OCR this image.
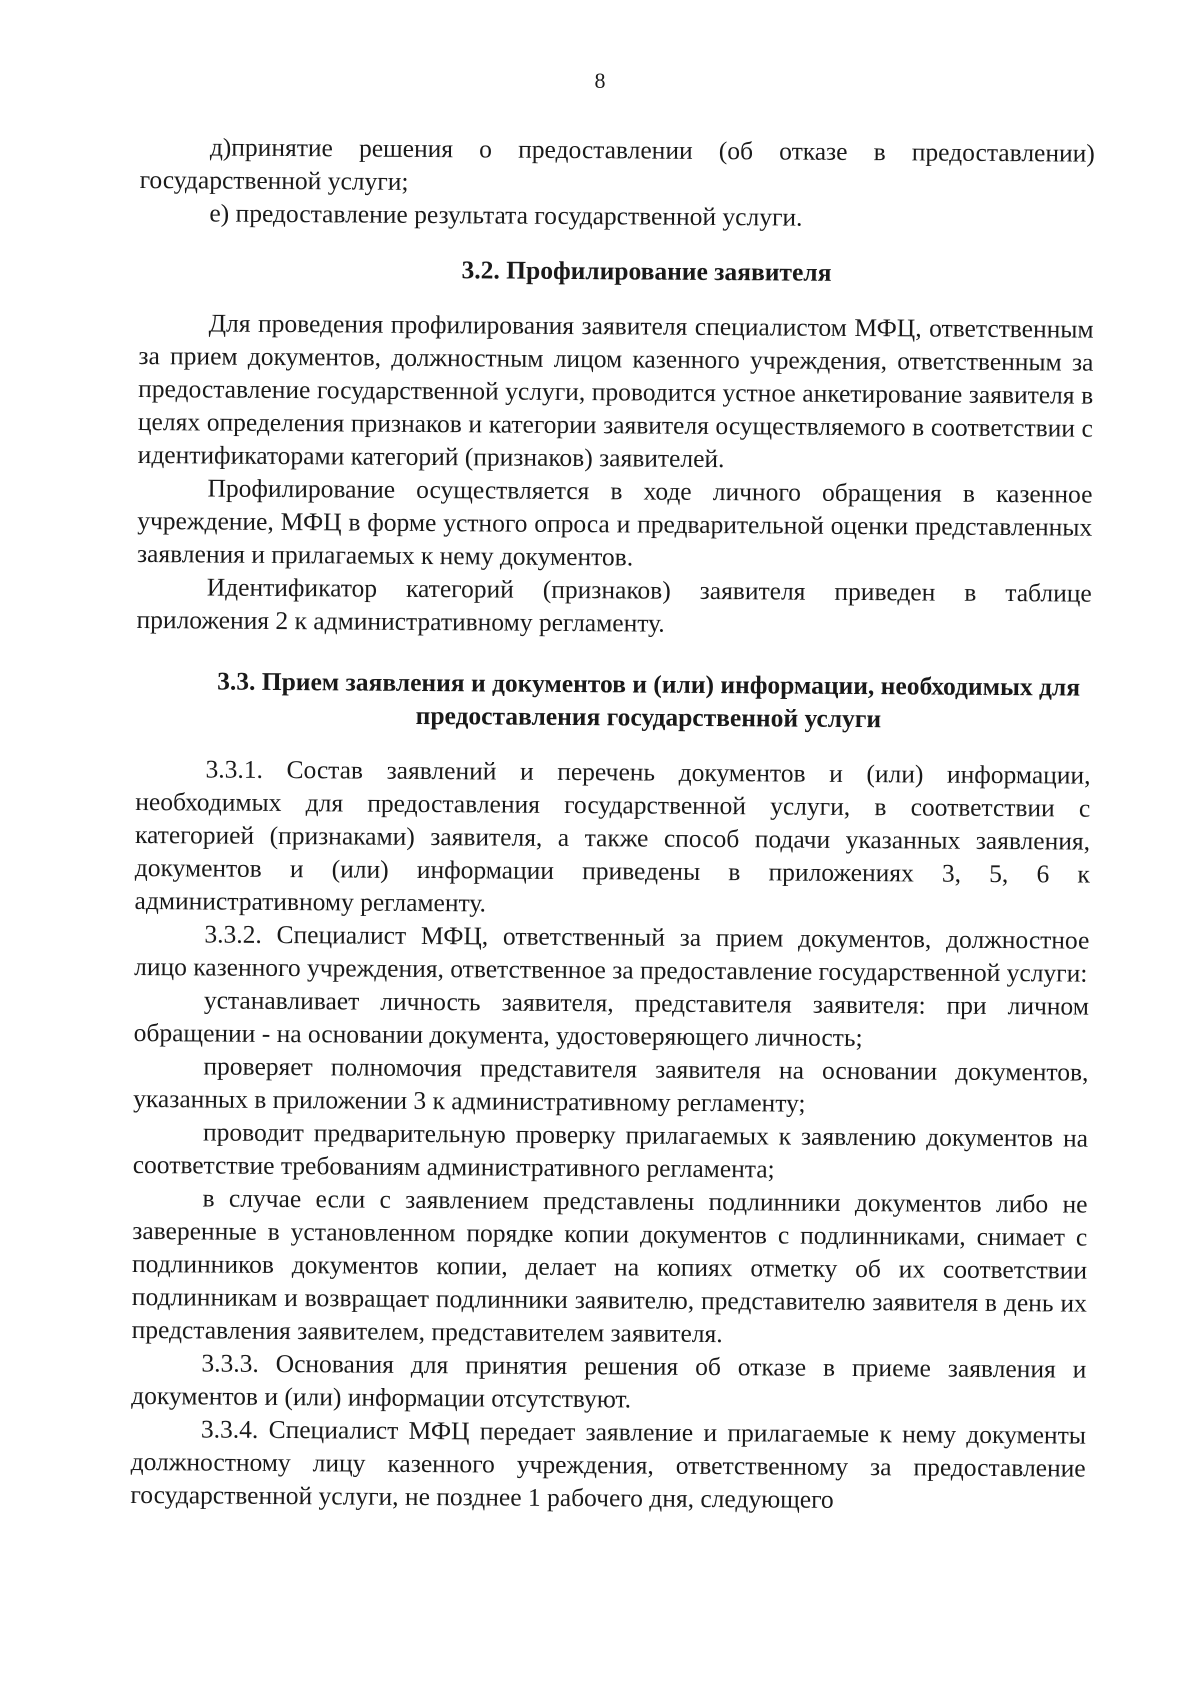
8

д)принятие решения о предоставлении (об отказе в предоставлении) государственной услуги;

е) предоставление результата государственной услуги.

3.2. Профилирование заявителя

Для проведения профилирования заявителя специалистом МФЦ, ответственным за прием документов, должностным лицом казенного учреждения, ответственным за предоставление государственной услуги, проводится устное анкетирование заявителя в целях определения признаков и категории заявителя осуществляемого в соответствии с идентификаторами категорий (признаков) заявителей.

Профилирование осуществляется в ходе личного обращения в казенное учреждение, МФЦ в форме устного опроса и предварительной оценки представленных заявления и прилагаемых к нему документов.

Идентификатор категорий (признаков) заявителя приведен в таблице приложения 2 к административному регламенту.

3.3. Прием заявления и документов и (или) информации, необходимых для предоставления государственной услуги

3.3.1. Состав заявлений и перечень документов и (или) информации, необходимых для предоставления государственной услуги, в соответствии с категорией (признаками) заявителя, а также способ подачи указанных заявления, документов и (или) информации приведены в приложениях 3, 5, 6 к административному регламенту.

3.3.2. Специалист МФЦ, ответственный за прием документов, должностное лицо казенного учреждения, ответственное за предоставление государственной услуги:

устанавливает личность заявителя, представителя заявителя: при личном обращении - на основании документа, удостоверяющего личность;

проверяет полномочия представителя заявителя на основании документов, указанных в приложении 3 к административному регламенту;

проводит предварительную проверку прилагаемых к заявлению документов на соответствие требованиям административного регламента;

в случае если с заявлением представлены подлинники документов либо не заверенные в установленном порядке копии документов с подлинниками, снимает с подлинников документов копии, делает на копиях отметку об их соответствии подлинникам и возвращает подлинники заявителю, представителю заявителя в день их представления заявителем, представителем заявителя.

3.3.3. Основания для принятия решения об отказе в приеме заявления и документов и (или) информации отсутствуют.

3.3.4. Специалист МФЦ передает заявление и прилагаемые к нему документы должностному лицу казенного учреждения, ответственному за предоставление государственной услуги, не позднее 1 рабочего дня, следующего
